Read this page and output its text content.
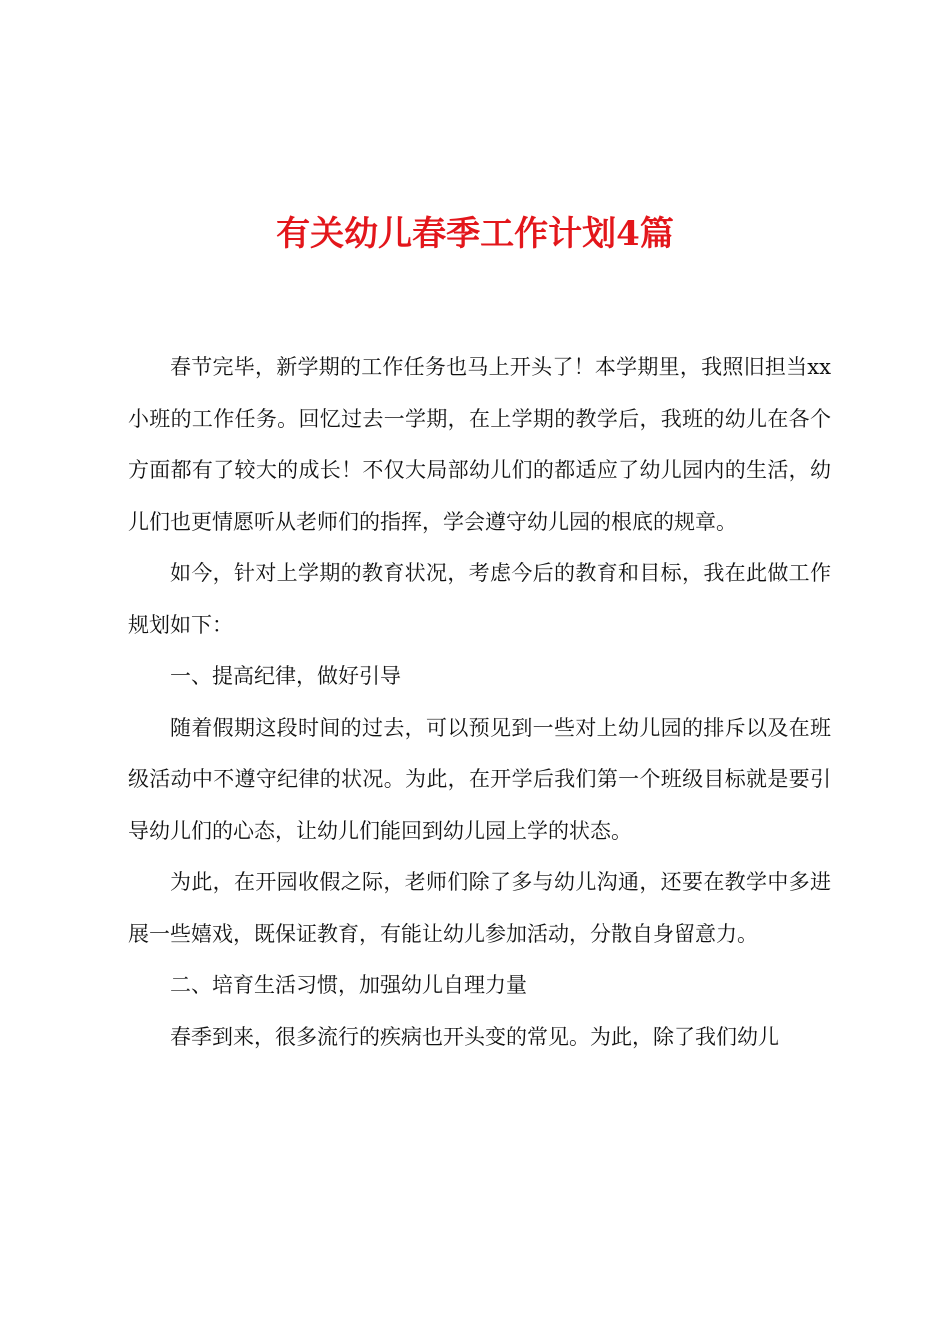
有关幼儿春季工作计划4篇

春节完毕，新学期的工作任务也马上开头了！本学期里，我照旧担当xx小班的工作任务。回忆过去一学期，在上学期的教学后，我班的幼儿在各个方面都有了较大的成长！不仅大局部幼儿们的都适应了幼儿园内的生活，幼儿们也更情愿听从老师们的指挥，学会遵守幼儿园的根底的规章。

如今，针对上学期的教育状况，考虑今后的教育和目标，我在此做工作规划如下：

一、提高纪律，做好引导

随着假期这段时间的过去，可以预见到一些对上幼儿园的排斥以及在班级活动中不遵守纪律的状况。为此，在开学后我们第一个班级目标就是要引导幼儿们的心态，让幼儿们能回到幼儿园上学的状态。

为此，在开园收假之际，老师们除了多与幼儿沟通，还要在教学中多进展一些嬉戏，既保证教育，有能让幼儿参加活动，分散自身留意力。

二、培育生活习惯，加强幼儿自理力量

春季到来，很多流行的疾病也开头变的常见。为此，除了我们幼儿
